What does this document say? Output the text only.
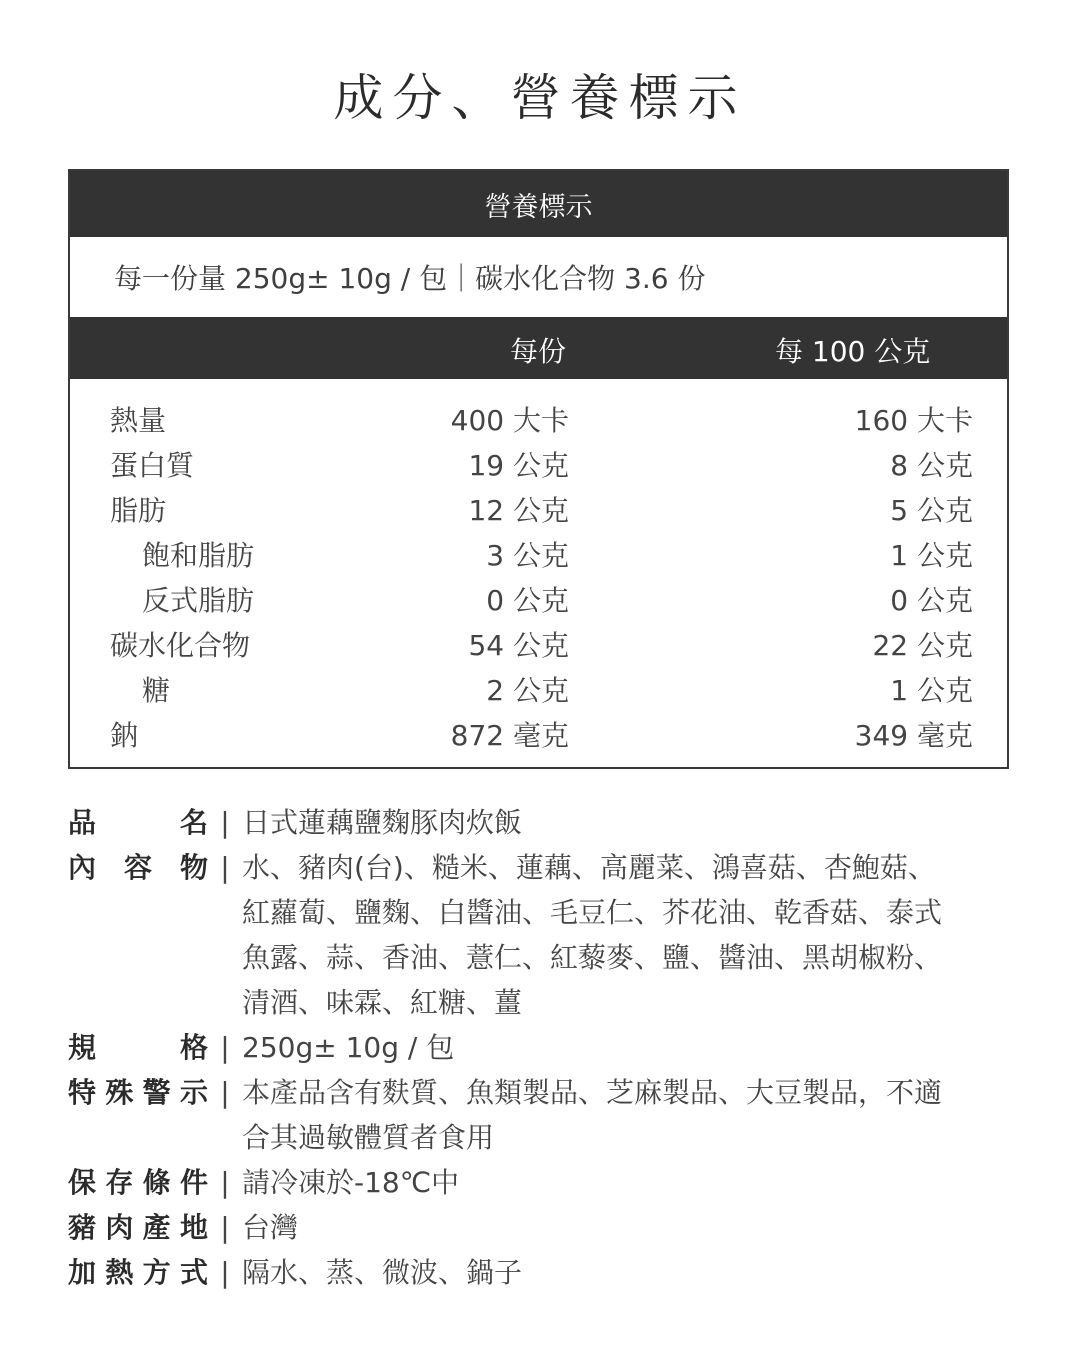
成分、營養標示
營養標示
每一份量 250g± 10g / 包｜碳水化合物 3.6 份
每份	每 100 公克
熱量	400 大卡	160 大卡
蛋白質	19 公克	8 公克
脂肪	12 公克	5 公克
飽和脂肪	3 公克	1 公克
反式脂肪	0 公克	0 公克
碳水化合物	54 公克	22 公克
糖	2 公克	1 公克
鈉	872 毫克	349 毫克
品	名 | 日式蓮藕鹽麴豚肉炊飯
內 容 物 | 水、豬肉(台)、糙米、蓮藕、高麗菜、鴻喜菇、杏鮑菇、
紅蘿蔔、鹽麴、白醬油、毛豆仁、芥花油、乾香菇、泰式
魚露、蒜、香油、薏仁、紅藜麥、鹽、醬油、黑胡椒粉、
清酒、味霖、紅糖、薑
規	格 | 250g± 10g / 包
特 殊 警 示 | 本產品含有麩質、魚類製品、芝麻製品、大豆製品，不適
合其過敏體質者食用
保 存 條 件 | 請冷凍於-18℃中
豬 肉 產 地 | 台灣
加 熱 方 式 | 隔水、蒸、微波、鍋子
